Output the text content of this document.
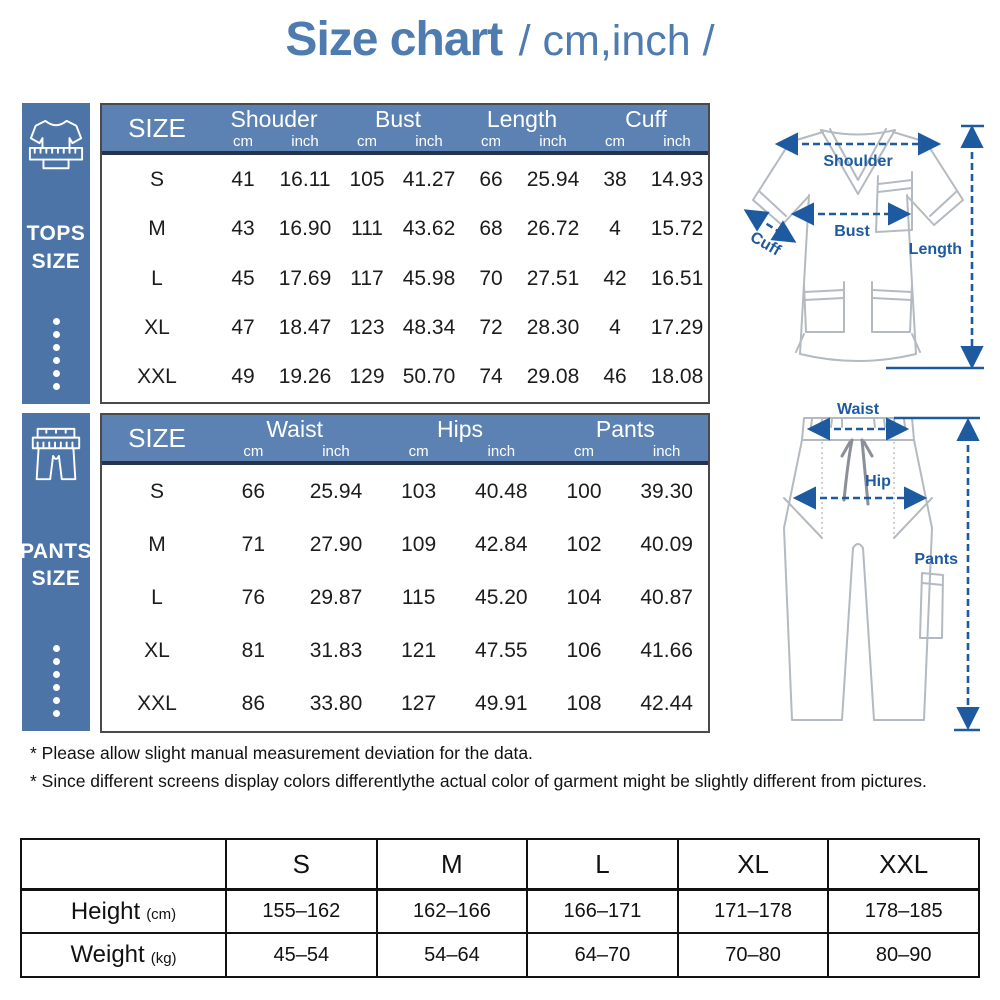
Size chart / cm,inch /
TOPS
SIZE
SIZE	Shouder
cm	inch
Bust
cm	inch
Length
cm	inch
Cuff
cm	inch
S	41	16.11 105 41.27	66	25.94	38	14.93
M	43	16.90 111 43.62	68	26.72	4	15.72
L	45	17.69 117 45.98	70	27.51	42	16.51
XL	47	18.47 123 48.34	72	28.30	4	17.29
XXL	49	19.26 129 50.70	74	29.08	46	18.08
Shoulder
Bust
Cuff	Length
PANTS
SIZE
SIZE	Waist
cm	inch
Hips
cm	inch
Pants
cm	inch
S	66	25.94	103	40.48	100	39.30
M	71	27.90	109	42.84	102	40.09
L	76	29.87	115	45.20	104	40.87
XL	81	31.83	121	47.55	106	41.66
XXL	86	33.80	127	49.91	108	42.44
Waist
Hip
Pants

* Please allow slight manual measurement deviation for the data.

* Since different screens display colors differentlythe actual color of garment might be slightly different from pictures.

S	M	L	XL	XXL
Height (cm)	155–162	162–166	166–171	171–178	178–185
Weight (kg)	45–54	54–64	64–70	70–80	80–90
